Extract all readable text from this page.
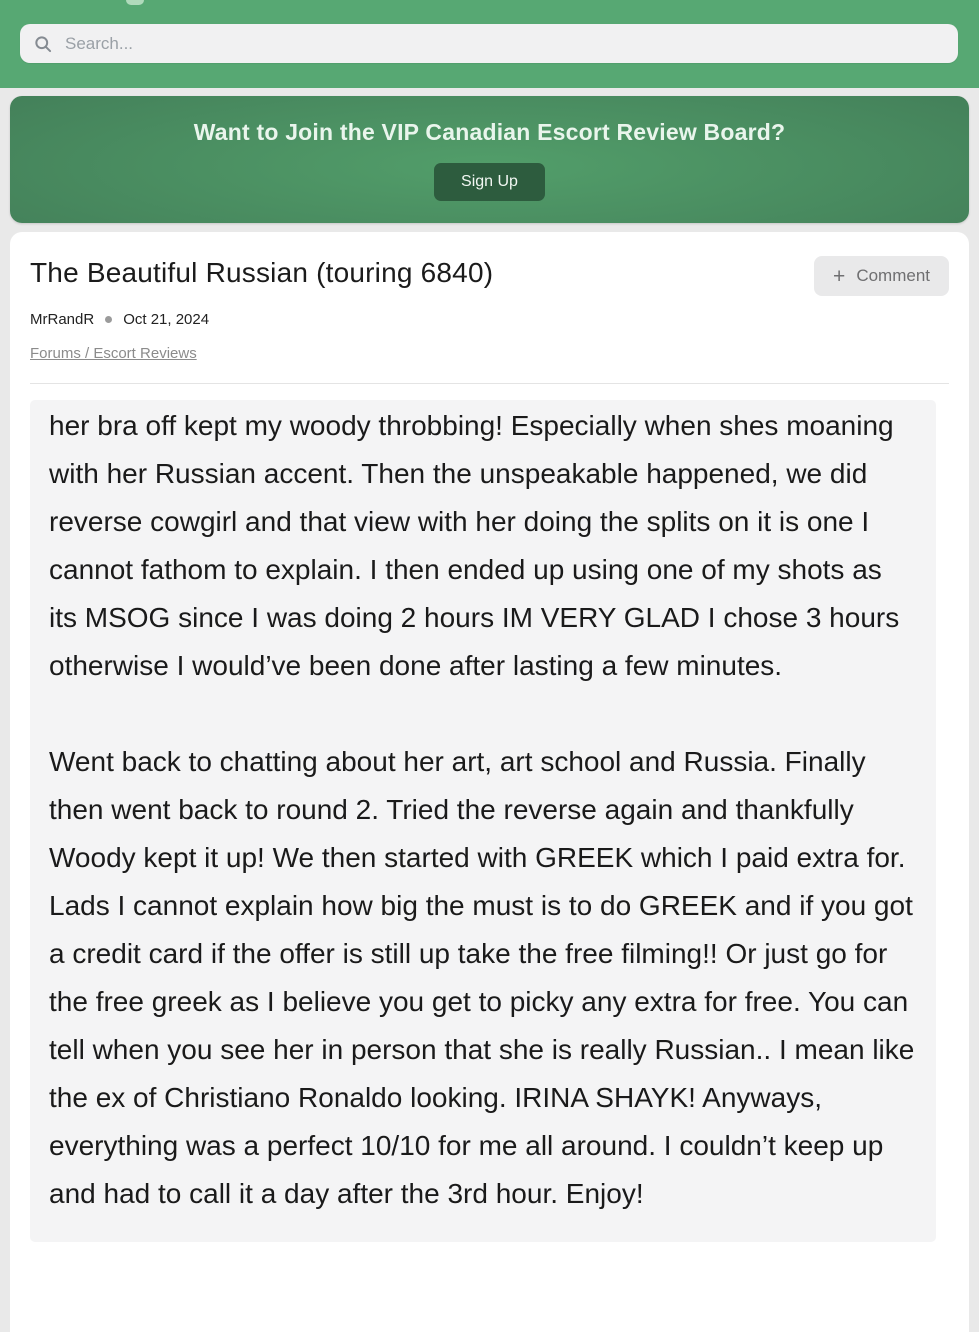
Search...
Want to Join the VIP Canadian Escort Review Board?
Sign Up
The Beautiful Russian (touring 6840)	+ Comment
MrRandR Oct 21, 2024
Forums / Escort Reviews

her bra off kept my woody throbbing! Especially when shes moaning with her Russian accent. Then the unspeakable happened, we did reverse cowgirl and that view with her doing the splits on it is one I cannot fathom to explain. I then ended up using one of my shots as its MSOG since I was doing 2 hours IM VERY GLAD I chose 3 hours otherwise I would’ve been done after lasting a few minutes.

Went back to chatting about her art, art school and Russia. Finally then went back to round 2. Tried the reverse again and thankfully Woody kept it up! We then started with GREEK which I paid extra for. Lads I cannot explain how big the must is to do GREEK and if you got a credit card if the offer is still up take the free filming!! Or just go for the free greek as I believe you get to picky any extra for free. You can tell when you see her in person that she is really Russian.. I mean like the ex of Christiano Ronaldo looking. IRINA SHAYK! Anyways, everything was a perfect 10/10 for me all around. I couldn’t keep up and had to call it a day after the 3rd hour. Enjoy!
